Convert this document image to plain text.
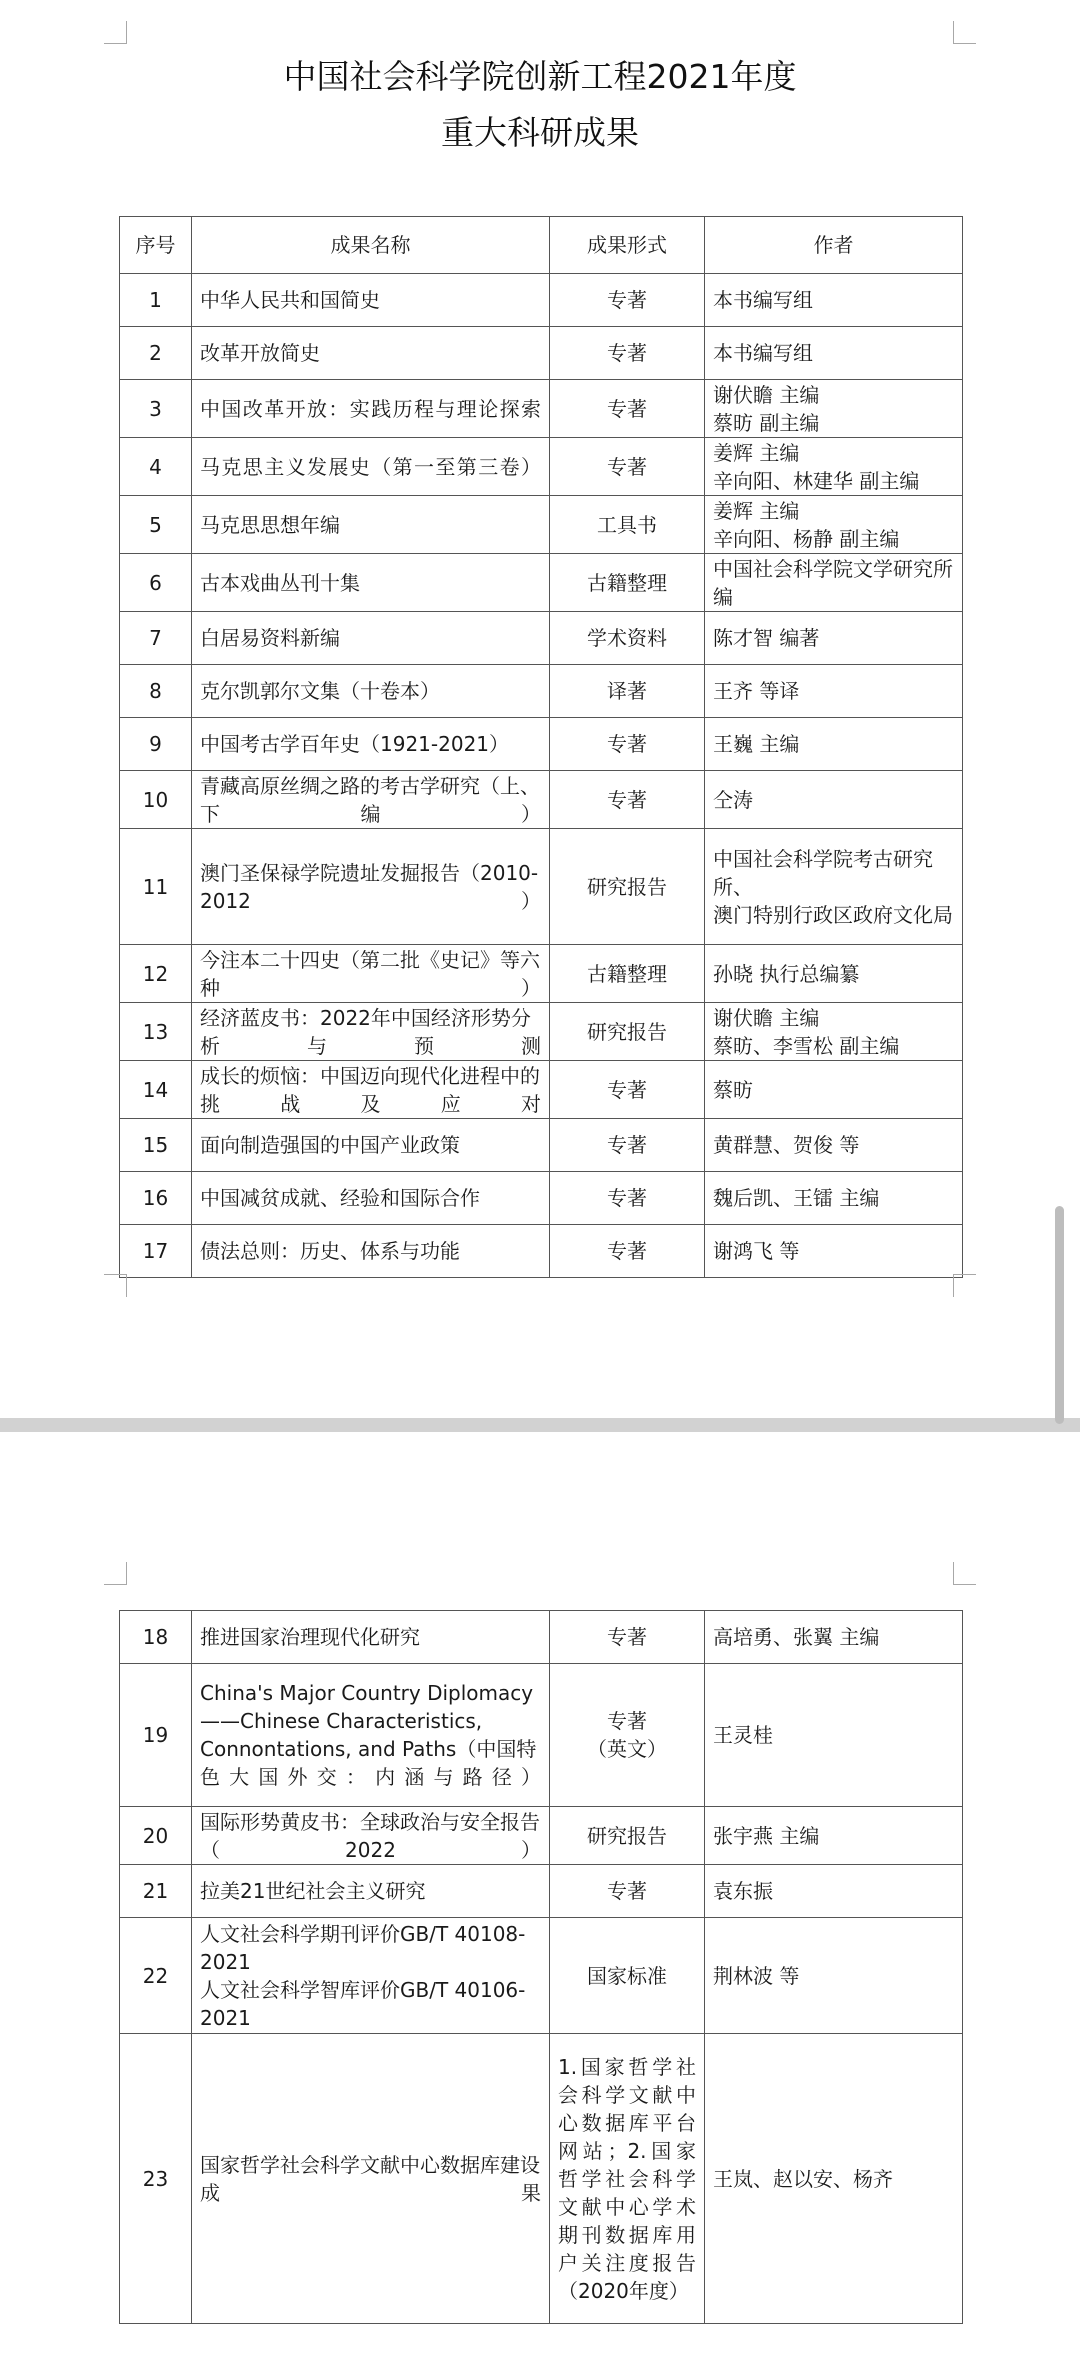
中国社会科学院创新工程2021年度
重大科研成果
序号	成果名称	成果形式	作者
1	中华人民共和国简史	专著	本书编写组
2	改革开放简史	专著	本书编写组
3	中国改革开放：实践历程与理论探索	专著	谢伏瞻 主编
蔡昉 副主编
4	马克思主义发展史（第一至第三卷）	专著	姜辉 主编
辛向阳、林建华 副主编
5	马克思思想年编	工具书	姜辉 主编
辛向阳、杨静 副主编
6	古本戏曲丛刊十集	古籍整理	中国社会科学院文学研究所编
7	白居易资料新编	学术资料	陈才智 编著
8	克尔凯郭尔文集（十卷本）	译著	王齐 等译
9	中国考古学百年史（1921-2021）	专著	王巍 主编
10	青藏高原丝绸之路的考古学研究（上、下编）	专著	仝涛
11	澳门圣保禄学院遗址发掘报告（2010-2012）	研究报告	中国社会科学院考古研究所、
澳门特别行政区政府文化局
12	今注本二十四史（第二批《史记》等六种）	古籍整理	孙晓 执行总编纂
13	经济蓝皮书：2022年中国经济形势分析与预测	研究报告	谢伏瞻 主编
蔡昉、李雪松 副主编
14	成长的烦恼：中国迈向现代化进程中的挑战及应对	专著	蔡昉
15	面向制造强国的中国产业政策	专著	黄群慧、贺俊 等
16	中国减贫成就、经验和国际合作	专著	魏后凯、王镭 主编
17	债法总则：历史、体系与功能	专著	谢鸿飞 等
18	推进国家治理现代化研究	专著	高培勇、张翼 主编
19	China's Major Country Diplomacy——Chinese Characteristics, Connontations, and Paths（中国特色大国外交：内涵与路径）	专著
（英文）	王灵桂
20	国际形势黄皮书：全球政治与安全报告（2022）	研究报告	张宇燕 主编
21	拉美21世纪社会主义研究	专著	袁东振
22	人文社会科学期刊评价GB/T 40108-2021
人文社会科学智库评价GB/T 40106-2021	国家标准	荆林波 等
23	国家哲学社会科学文献中心数据库建设成果	1.国家哲学社会科学文献中心数据库平台网站；2.国家哲学社会科学文献中心学术期刊数据库用户关注度报告（2020年度）	王岚、赵以安、杨齐
